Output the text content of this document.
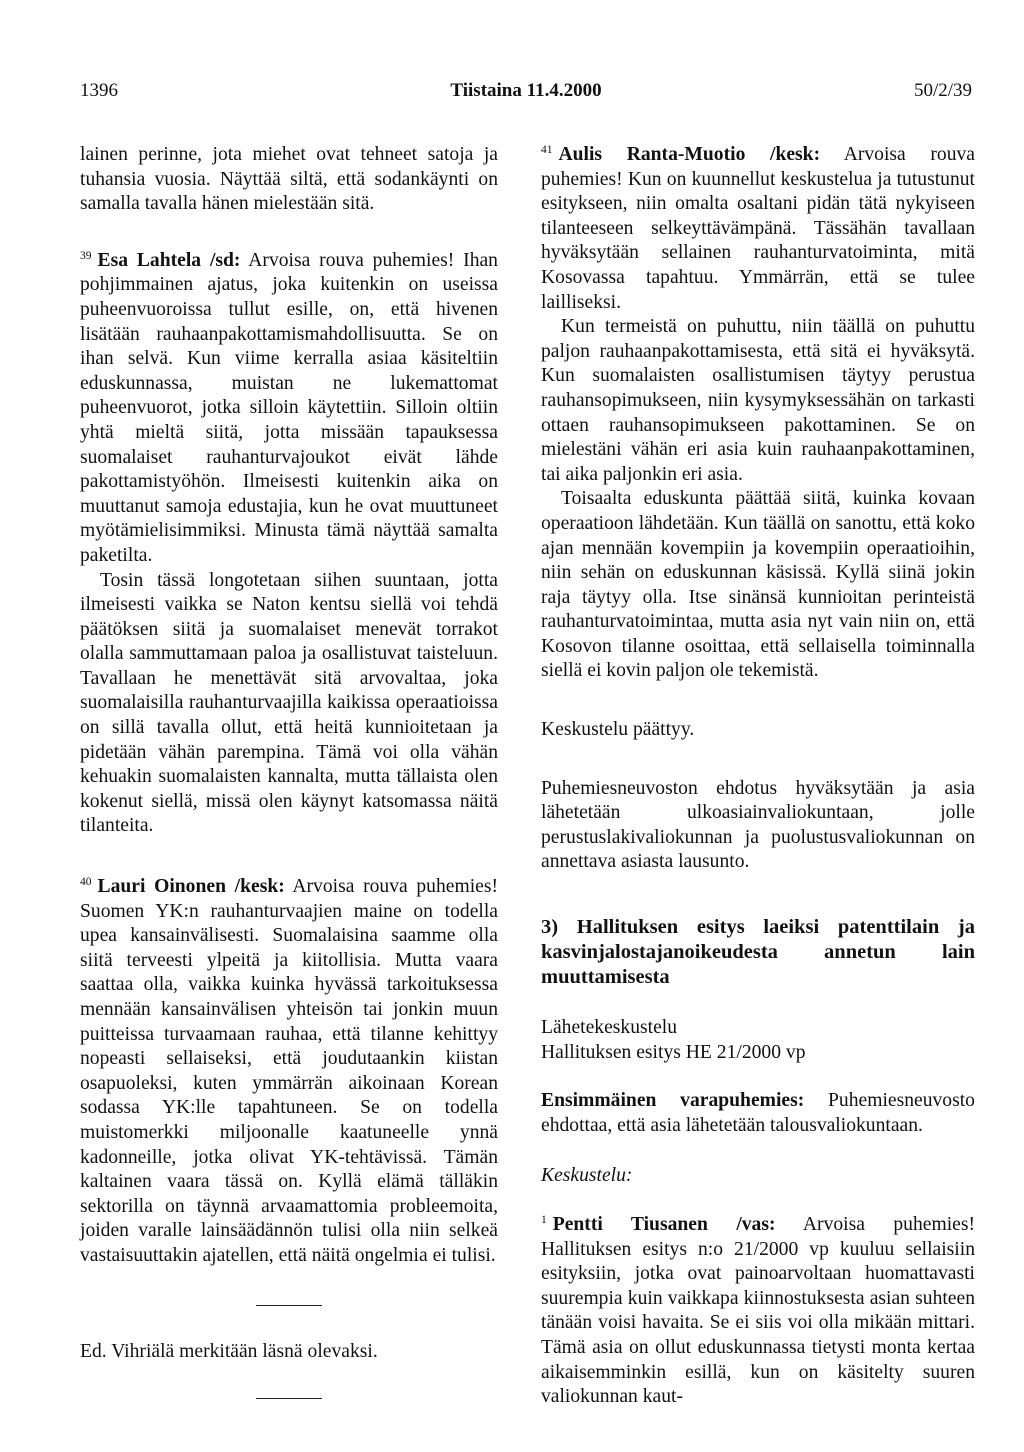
1396	Tiistaina 11.4.2000	50/2/39

lainen perinne, jota miehet ovat tehneet satoja ja tuhansia vuosia. Näyttää siltä, että sodankäynti on samalla tavalla hänen mielestään sitä.

$^{39}$ Esa Lahtela /sd: Arvoisa rouva puhemies! Ihan pohjimmainen ajatus, joka kuitenkin on useissa puheenvuoroissa tullut esille, on, että hivenen lisätään rauhaanpakottamismahdollisuutta. Se on ihan selvä. Kun viime kerralla asiaa käsiteltiin eduskunnassa, muistan ne lukemattomat puheenvuorot, jotka silloin käytettiin. Silloin oltiin yhtä mieltä siitä, jotta missään tapauksessa suomalaiset rauhanturvajoukot eivät lähde pakottamistyöhön. Ilmeisesti kuitenkin aika on muuttanut samoja edustajia, kun he ovat muuttuneet myötämielisimmiksi. Minusta tämä näyttää samalta paketilta.

Tosin tässä longotetaan siihen suuntaan, jotta ilmeisesti vaikka se Naton kentsu siellä voi tehdä päätöksen siitä ja suomalaiset menevät torrakot olalla sammuttamaan paloa ja osallistuvat taisteluun. Tavallaan he menettävät sitä arvovaltaa, joka suomalaisilla rauhanturvaajilla kaikissa operaatioissa on sillä tavalla ollut, että heitä kunnioitetaan ja pidetään vähän parempina. Tämä voi olla vähän kehuakin suomalaisten kannalta, mutta tällaista olen kokenut siellä, missä olen käynyt katsomassa näitä tilanteita.

$^{40}$ Lauri Oinonen /kesk: Arvoisa rouva puhemies! Suomen YK:n rauhanturvaajien maine on todella upea kansainvälisesti. Suomalaisina saamme olla siitä terveesti ylpeitä ja kiitollisia. Mutta vaara saattaa olla, vaikka kuinka hyvässä tarkoituksessa mennään kansainvälisen yhteisön tai jonkin muun puitteissa turvaamaan rauhaa, että tilanne kehittyy nopeasti sellaiseksi, että joudutaankin kiistan osapuoleksi, kuten ymmärrän aikoinaan Korean sodassa YK:lle tapahtuneen. Se on todella muistomerkki miljoonalle kaatuneelle ynnä kadonneille, jotka olivat YK-tehtävissä. Tämän kaltainen vaara tässä on. Kyllä elämä tälläkin sektorilla on täynnä arvaamattomia probleemoita, joiden varalle lainsäädännön tulisi olla niin selkeä vastaisuuttakin ajatellen, että näitä ongelmia ei tulisi.

Ed. Vihriälä merkitään läsnä olevaksi.

$^{41}$ Aulis Ranta-Muotio /kesk: Arvoisa rouva puhemies! Kun on kuunnellut keskustelua ja tutustunut esitykseen, niin omalta osaltani pidän tätä nykyiseen tilanteeseen selkeyttävämpänä. Tässähän tavallaan hyväksytään sellainen rauhanturvatoiminta, mitä Kosovassa tapahtuu. Ymmärrän, että se tulee lailliseksi.

Kun termeistä on puhuttu, niin täällä on puhuttu paljon rauhaanpakottamisesta, että sitä ei hyväksytä. Kun suomalaisten osallistumisen täytyy perustua rauhansopimukseen, niin kysymyksessähän on tarkasti ottaen rauhansopimukseen pakottaminen. Se on mielestäni vähän eri asia kuin rauhaanpakottaminen, tai aika paljonkin eri asia.

Toisaalta eduskunta päättää siitä, kuinka kovaan operaatioon lähdetään. Kun täällä on sanottu, että koko ajan mennään kovempiin ja kovempiin operaatioihin, niin sehän on eduskunnan käsissä. Kyllä siinä jokin raja täytyy olla. Itse sinänsä kunnioitan perinteistä rauhanturvatoimintaa, mutta asia nyt vain niin on, että Kosovon tilanne osoittaa, että sellaisella toiminnalla siellä ei kovin paljon ole tekemistä.

Keskustelu päättyy.

Puhemiesneuvoston ehdotus hyväksytään ja asia lähetetään ulkoasiainvaliokuntaan, jolle perustuslakivaliokunnan ja puolustusvaliokunnan on annettava asiasta lausunto.

3) Hallituksen esitys laeiksi patenttilain ja kasvinjalostajanoikeudesta annetun lain muuttamisesta

Lähetekeskustelu

Hallituksen esitys HE 21/2000 vp

Ensimmäinen varapuhemies: Puhemiesneuvosto ehdottaa, että asia lähetetään talousvaliokuntaan.

Keskustelu:

$^1$ Pentti Tiusanen /vas: Arvoisa puhemies! Hallituksen esitys n:o 21/2000 vp kuuluu sellaisiin esityksiin, jotka ovat painoarvoltaan huomattavasti suurempia kuin vaikkapa kiinnostuksesta asian suhteen tänään voisi havaita. Se ei siis voi olla mikään mittari. Tämä asia on ollut eduskunnassa tietysti monta kertaa aikaisemminkin esillä, kun on käsitelty suuren valiokunnan kaut-
